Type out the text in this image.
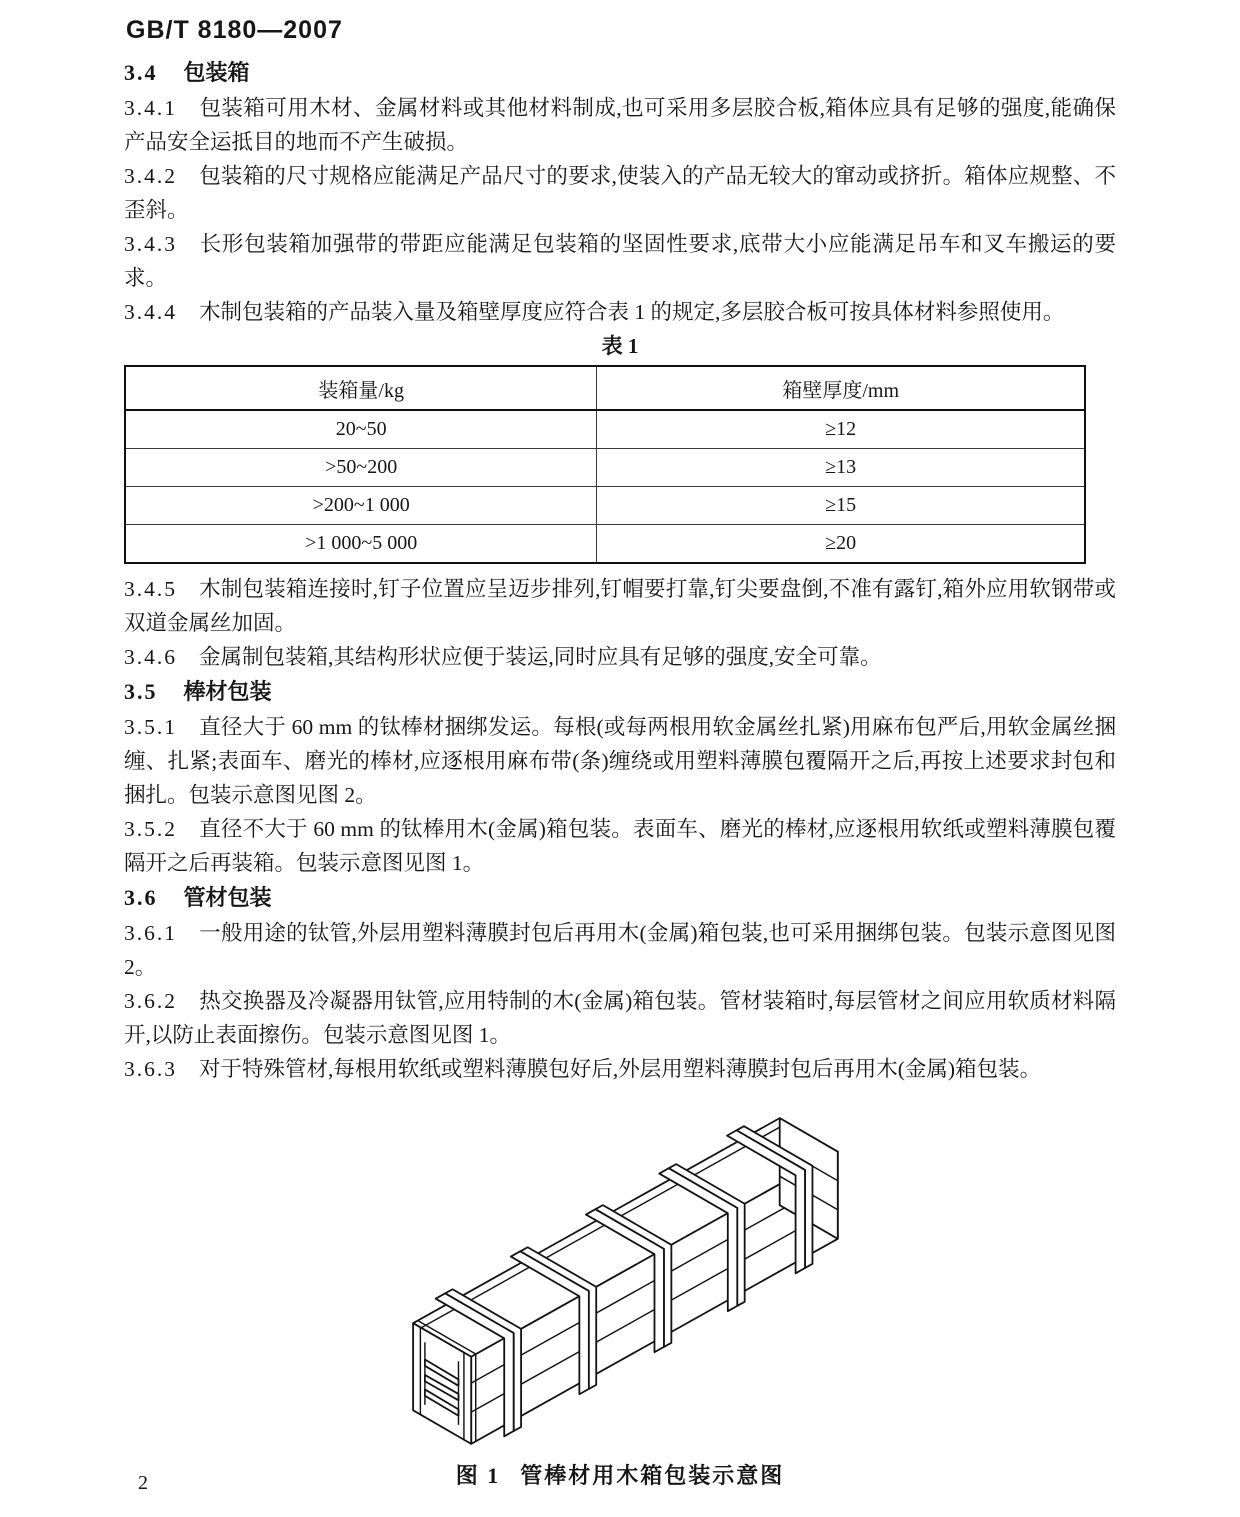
GB/T 8180—2007

3.4 包装箱

3.4.1 包装箱可用木材、金属材料或其他材料制成,也可采用多层胶合板,箱体应具有足够的强度,能确保产品安全运抵目的地而不产生破损。

3.4.2 包装箱的尺寸规格应能满足产品尺寸的要求,使装入的产品无较大的窜动或挤折。箱体应规整、不歪斜。

3.4.3 长形包装箱加强带的带距应能满足包装箱的坚固性要求,底带大小应能满足吊车和叉车搬运的要求。

3.4.4 木制包装箱的产品装入量及箱壁厚度应符合表 1 的规定,多层胶合板可按具体材料参照使用。

表 1
装箱量/kg	箱壁厚度/mm
20~50	≥12
>50~200	≥13
>200~1 000	≥15
>1 000~5 000	≥20

3.4.5 木制包装箱连接时,钉子位置应呈迈步排列,钉帽要打靠,钉尖要盘倒,不准有露钉,箱外应用软钢带或双道金属丝加固。

3.4.6 金属制包装箱,其结构形状应便于装运,同时应具有足够的强度,安全可靠。

3.5 棒材包装

3.5.1 直径大于 60 mm 的钛棒材捆绑发运。每根(或每两根用软金属丝扎紧)用麻布包严后,用软金属丝捆缠、扎紧;表面车、磨光的棒材,应逐根用麻布带(条)缠绕或用塑料薄膜包覆隔开之后,再按上述要求封包和捆扎。包装示意图见图 2。

3.5.2 直径不大于 60 mm 的钛棒用木(金属)箱包装。表面车、磨光的棒材,应逐根用软纸或塑料薄膜包覆隔开之后再装箱。包装示意图见图 1。

3.6 管材包装

3.6.1 一般用途的钛管,外层用塑料薄膜封包后再用木(金属)箱包装,也可采用捆绑包装。包装示意图见图 2。

3.6.2 热交换器及冷凝器用钛管,应用特制的木(金属)箱包装。管材装箱时,每层管材之间应用软质材料隔开,以防止表面擦伤。包装示意图见图 1。

3.6.3 对于特殊管材,每根用软纸或塑料薄膜包好后,外层用塑料薄膜封包后再用木(金属)箱包装。

图 1 管棒材用木箱包装示意图
2
